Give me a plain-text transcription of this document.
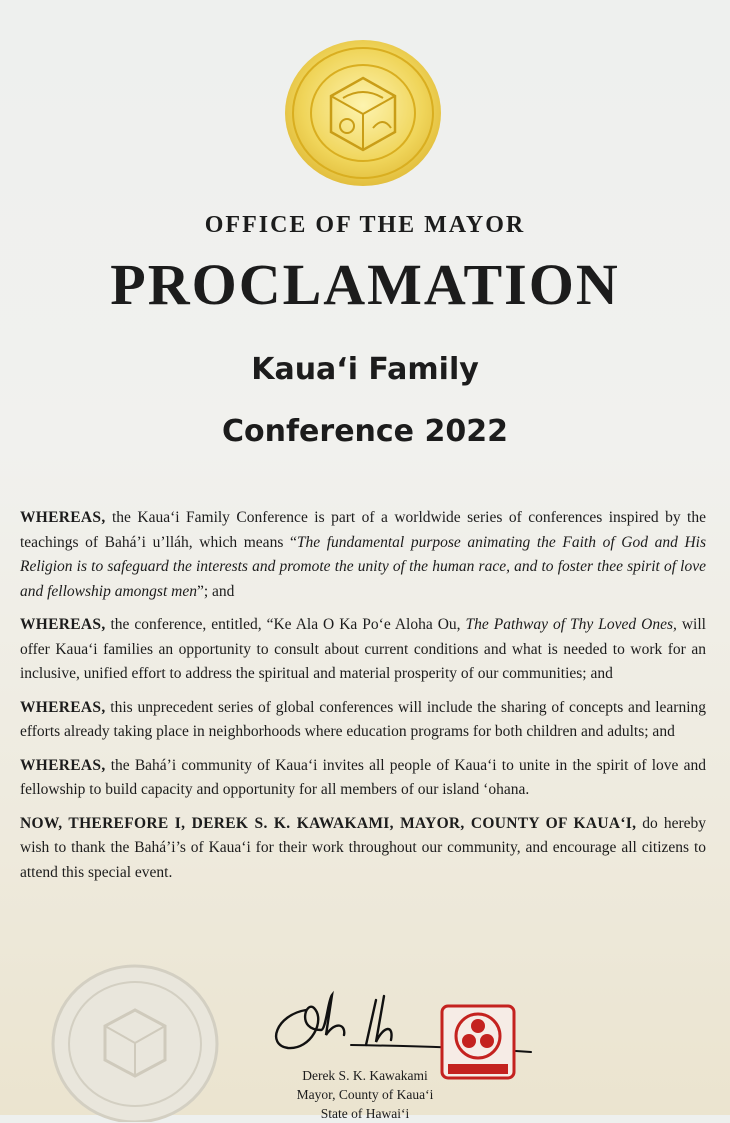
OFFICE OF THE MAYOR
PROCLAMATION
Kauaʻi Family
Conference 2022

WHEREAS, the Kauaʻi Family Conference is part of a worldwide series of conferences inspired by the teachings of Baháʼi u’lláh, which means “The fundamental purpose animating the Faith of God and His Religion is to safeguard the interests and promote the unity of the human race, and to foster thee spirit of love and fellowship amongst men”; and

WHEREAS, the conference, entitled, “Ke Ala O Ka Poʻe Aloha Ou, The Pathway of Thy Loved Ones, will offer Kauaʻi families an opportunity to consult about current conditions and what is needed to work for an inclusive, unified effort to address the spiritual and material prosperity of our communities; and

WHEREAS, this unprecedent series of global conferences will include the sharing of concepts and learning efforts already taking place in neighborhoods where education programs for both children and adults; and

WHEREAS, the Baháʼi community of Kauaʻi invites all people of Kauaʻi to unite in the spirit of love and fellowship to build capacity and opportunity for all members of our island ʻohana.

NOW, THEREFORE I, DEREK S. K. KAWAKAMI, MAYOR, COUNTY OF KAUAʻI, do hereby wish to thank the Baháʼi’s of Kauaʻi for their work throughout our community, and encourage all citizens to attend this special event.

Derek S. K. Kawakami
Mayor, County of Kauaʻi
State of Hawaiʻi
